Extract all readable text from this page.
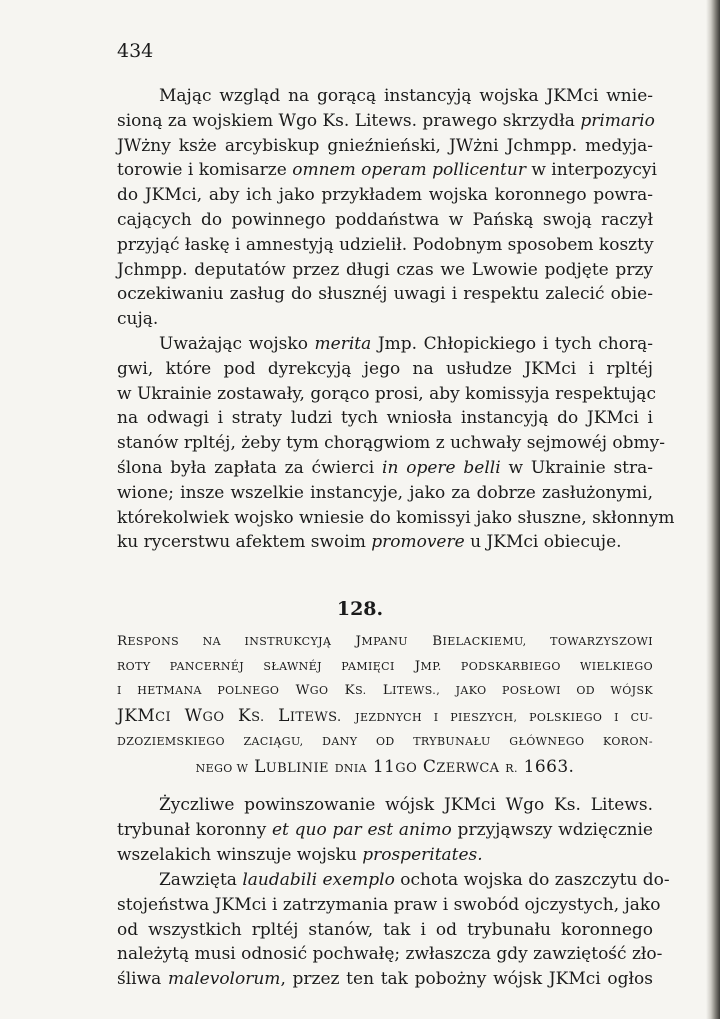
434

Mając wzgląd na gorącą instancyją wojska JKMci wnie-
sioną za wojskiem Wgo Ks. Litews. prawego skrzydła primario
JWżny ksże arcybiskup gnieźnieński, JWżni Jchmpp. medyja-
torowie i komisarze omnem operam pollicentur w interpozycyi
do JKMci, aby ich jako przykładem wojska koronnego powra-
cających do powinnego poddaństwa w Pańską swoją raczył
przyjąć łaskę i amnestyją udzielił. Podobnym sposobem koszty
Jchmpp. deputatów przez długi czas we Lwowie podjęte przy
oczekiwaniu zasług do słusznéj uwagi i respektu zalecić obie-
cują.

Uważając wojsko merita Jmp. Chłopickiego i tych chorą-
gwi, które pod dyrekcyją jego na usłudze JKMci i rpltéj
w Ukrainie zostawały, gorąco prosi, aby komissyja respektując
na odwagi i straty ludzi tych wniosła instancyją do JKMci i
stanów rpltéj, żeby tym chorągwiom z uchwały sejmowéj obmy-
ślona była zapłata za ćwierci in opere belli w Ukrainie stra-
wione; insze wszelkie instancyje, jako za dobrze zasłużonymi,
którekolwiek wojsko wniesie do komissyi jako słuszne, skłonnym
ku rycerstwu afektem swoim promovere u JKMci obiecuje.

128.

RESPONS NA INSTRUKCYJĄ JMPANU BIELACKIEMU, TOWARZYSZOWI
ROTY PANCERNÉJ SŁAWNÉJ PAMIĘCI JMP. PODSKARBIEGO WIELKIEGO
I HETMANA POLNEGO WGO KS. LITEWS., JAKO POSŁOWI OD WÓJSK
JKMCI WGO KS. LITEWS. JEZDNYCH I PIESZYCH, POLSKIEGO I CU-
DZOZIEMSKIEGO ZACIĄGU, DANY OD TRYBUNAŁU GŁÓWNEGO KORON-
NEGO W LUBLINIE DNIA 11GO CZERWCA R. 1663.

Życzliwe powinszowanie wójsk JKMci Wgo Ks. Litews.
trybunał koronny et quo par est animo przyjąwszy wdzięcznie
wszelakich winszuje wojsku prosperitates.

Zawzięta laudabili exemplo ochota wojska do zaszczytu do-
stojeństwa JKMci i zatrzymania praw i swobód ojczystych, jako
od wszystkich rpltéj stanów, tak i od trybunału koronnego
należytą musi odnosić pochwałę; zwłaszcza gdy zawziętość zło-
śliwa malevolorum, przez ten tak pobożny wójsk JKMci ogłos
